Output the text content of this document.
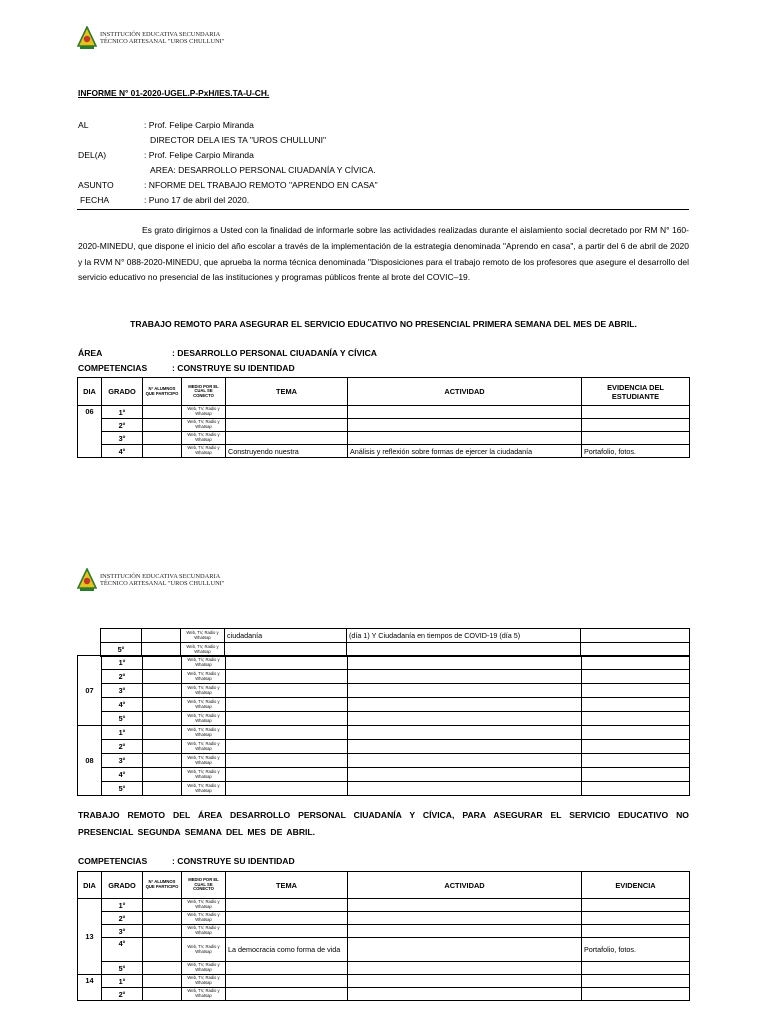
INSTITUCIÓN EDUCATIVA SECUNDARIA
TÉCNICO ARTESANAL "UROS CHULLUNI"
INFORME N° 01-2020-UGEL.P-PxH/IES.TA-U-CH.
AL	: Prof. Felipe Carpio Miranda
DIRECTOR DELA IES TA "UROS CHULLUNI"
DEL(A)	: Prof. Felipe Carpio Miranda
AREA: DESARROLLO PERSONAL CIUADANÍA Y CÍVICA.
ASUNTO	: NFORME DEL TRABAJO REMOTO "APRENDO EN CASA"
FECHA	: Puno 17 de abril del 2020.
Es grato dirigirnos a Usted con la finalidad de informarle sobre las actividades realizadas durante el aislamiento social decretado por RM N° 160-2020-MINEDU, que dispone el inicio del año escolar a través de la implementación de la estrategia denominada "Aprendo en casa", a partir del 6 de abril de 2020 y la RVM N° 088-2020-MINEDU, que aprueba la norma técnica denominada "Disposiciones para el trabajo remoto de los profesores que asegure el desarrollo del servicio educativo no presencial de las instituciones y programas públicos frente al brote del COVIC–19.
TRABAJO REMOTO PARA ASEGURAR EL SERVICIO EDUCATIVO NO PRESENCIAL PRIMERA SEMANA DEL MES DE ABRIL.
ÁREA	: DESARROLLO PERSONAL CIUADANÍA Y CÍVICA
COMPETENCIAS	: CONSTRUYE SU IDENTIDAD
DIA	GRADO	N° ALUMNOS QUE PARTICIPO	MEDIO POR EL CUAL SE CONECTO	TEMA	ACTIVIDAD	EVIDENCIA DEL ESTUDIANTE
06	1°		Web, TV, Radio y Whatsap			
	2°		Web, TV, Radio y Whatsap			
	3°		Web, TV, Radio y Whatsap			
	4°		Web, TV, Radio y Whatsap	Construyendo nuestra	Análisis y reflexión sobre formas de ejercer la ciudadanía	Portafolio, fotos.
INSTITUCIÓN EDUCATIVA SECUNDARIA
TÉCNICO ARTESANAL "UROS CHULLUNI"
		Web, TV, Radio y Whatsap	ciudadanía	(día 1) Y Ciudadanía en tiempos de COVID-19 (día 5)	
5°		Web, TV, Radio y Whatsap			
07	1°		Web, TV, Radio y Whatsap			
	2°		Web, TV, Radio y Whatsap			
	3°		Web, TV, Radio y Whatsap			
	4°		Web, TV, Radio y Whatsap			
	5°		Web, TV, Radio y Whatsap			
08	1°		Web, TV, Radio y Whatsap			
	2°		Web, TV, Radio y Whatsap			
	3°		Web, TV, Radio y Whatsap			
	4°		Web, TV, Radio y Whatsap			
	5°		Web, TV, Radio y Whatsap			
TRABAJO REMOTO DEL ÁREA DESARROLLO PERSONAL CIUADANÍA Y CÍVICA, PARA ASEGURAR EL SERVICIO EDUCATIVO NO PRESENCIAL SEGUNDA SEMANA DEL MES DE ABRIL.
COMPETENCIAS	: CONSTRUYE SU IDENTIDAD
DIA	GRADO	N° ALUMNOS QUE PARTICIPO	MEDIO POR EL CUAL SE CONECTO	TEMA	ACTIVIDAD	EVIDENCIA
13	1°		Web, TV, Radio y Whatsap			
	2°		Web, TV, Radio y Whatsap			
	3°		Web, TV, Radio y Whatsap			
	4°		Web, TV, Radio y Whatsap	La democracia como forma de vida		Portafolio, fotos.
	5°		Web, TV, Radio y Whatsap			
14	1°		Web, TV, Radio y Whatsap			
	2°		Web, TV, Radio y Whatsap			
